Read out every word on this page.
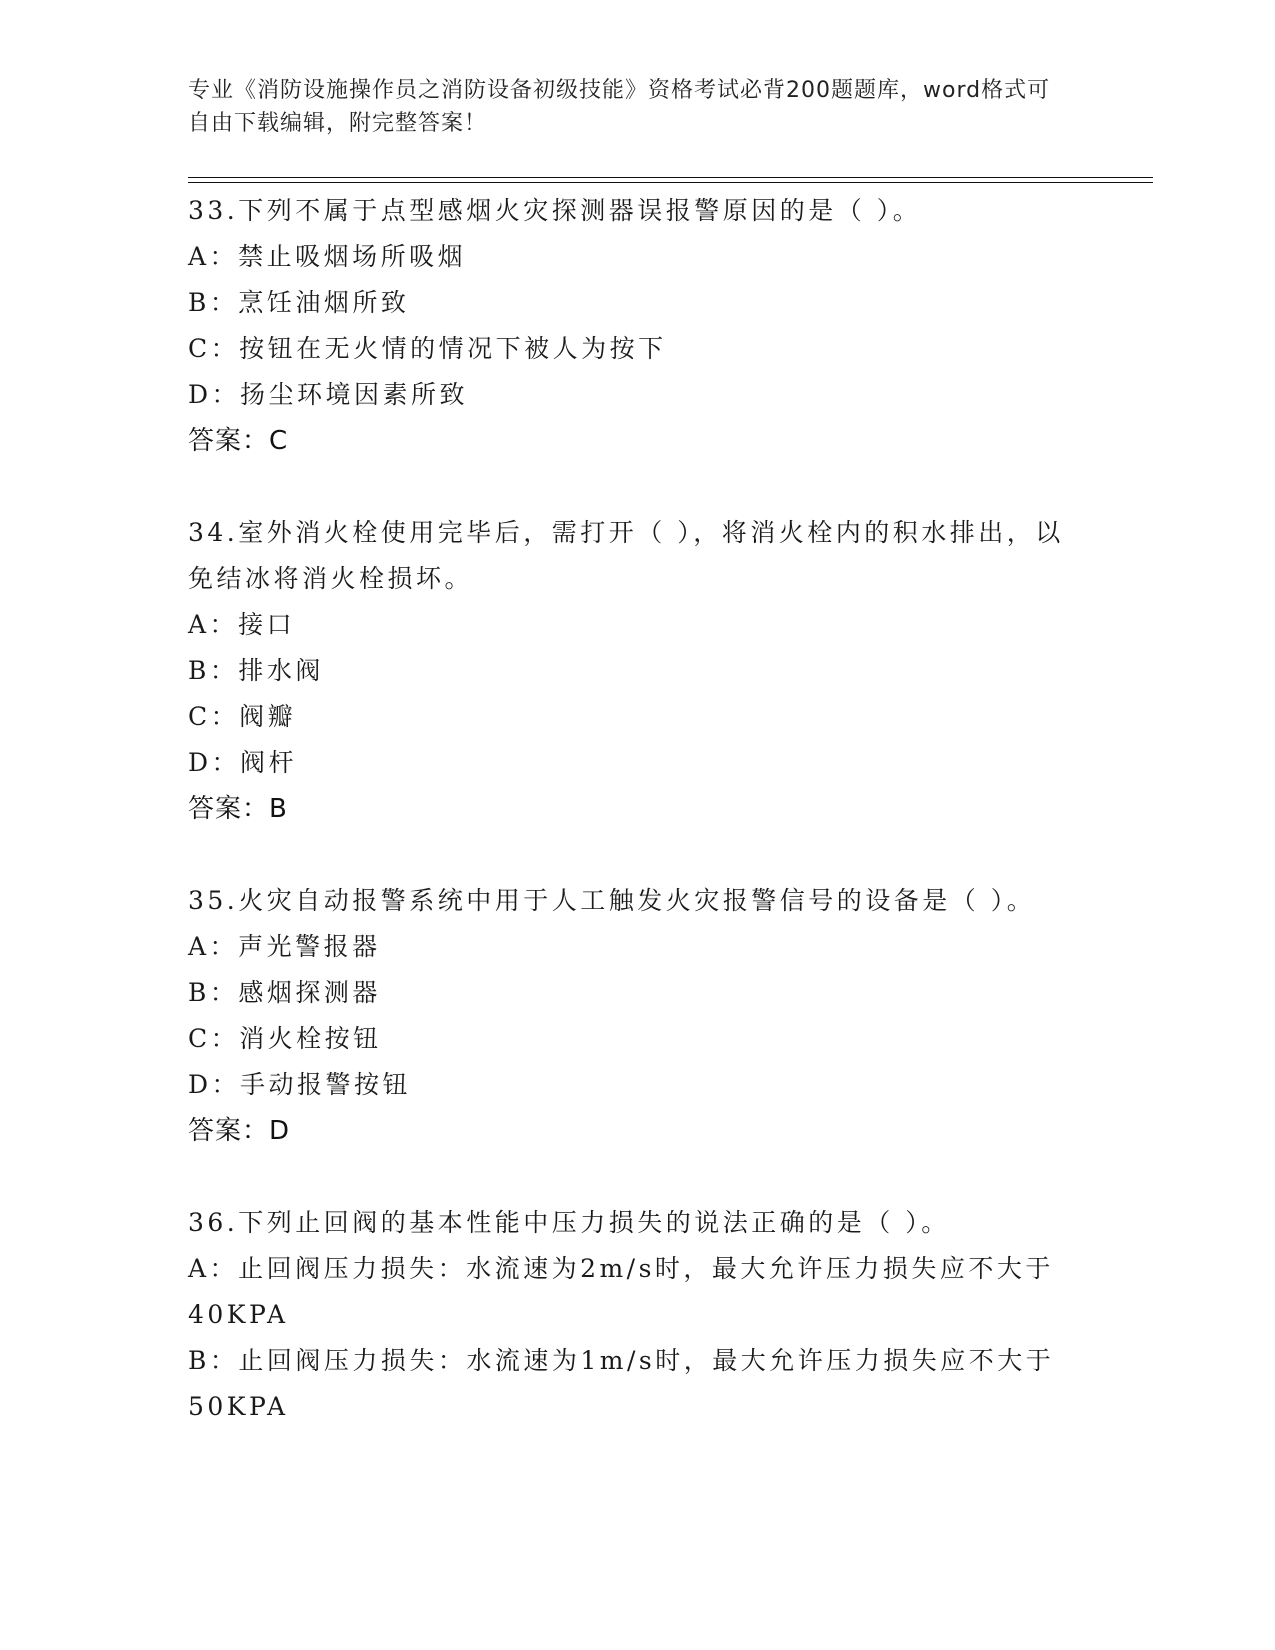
专业《消防设施操作员之消防设备初级技能》资格考试必背200题题库，word格式可自由下载编辑，附完整答案！
33.下列不属于点型感烟火灾探测器误报警原因的是（ ）。
A：禁止吸烟场所吸烟
B：烹饪油烟所致
C：按钮在无火情的情况下被人为按下
D：扬尘环境因素所致
答案：C
34.室外消火栓使用完毕后，需打开（ ），将消火栓内的积水排出，以免结冰将消火栓损坏。
A：接口
B：排水阀
C：阀瓣
D：阀杆
答案：B
35.火灾自动报警系统中用于人工触发火灾报警信号的设备是（ ）。
A：声光警报器
B：感烟探测器
C：消火栓按钮
D：手动报警按钮
答案：D
36.下列止回阀的基本性能中压力损失的说法正确的是（ ）。
A：止回阀压力损失：水流速为2m/s时，最大允许压力损失应不大于40KPA
B：止回阀压力损失：水流速为1m/s时，最大允许压力损失应不大于50KPA
